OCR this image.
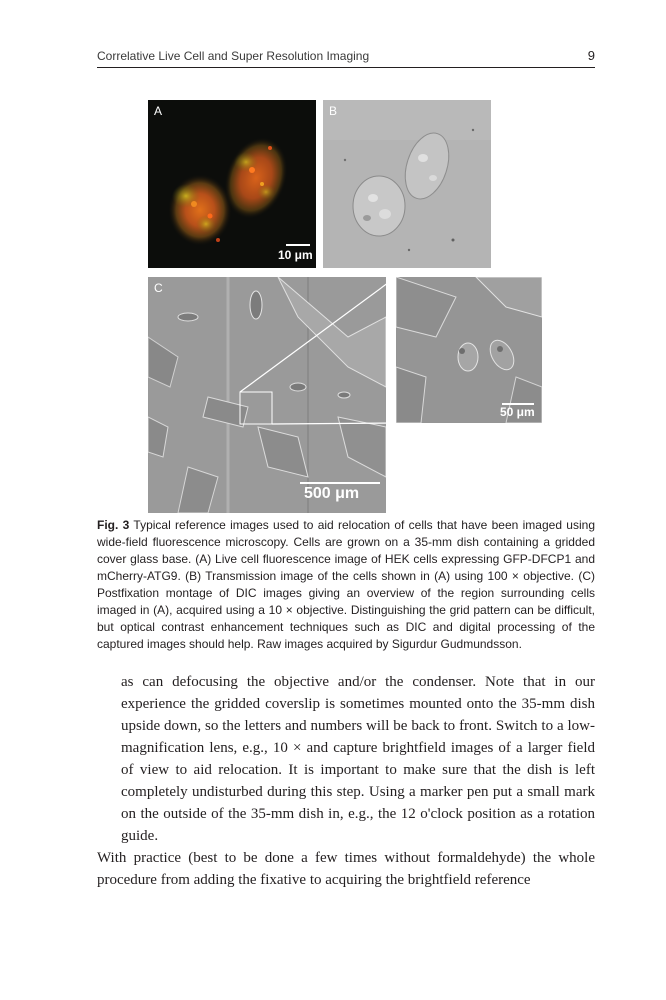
Correlative Live Cell and Super Resolution Imaging	9
A
10 μm
B
C
500 μm
50 μm
Fig. 3 Typical reference images used to aid relocation of cells that have been imaged using wide-field fluorescence microscopy. Cells are grown on a 35-mm dish containing a gridded cover glass base. (A) Live cell fluorescence image of HEK cells expressing GFP-DFCP1 and mCherry-ATG9. (B) Transmission image of the cells shown in (A) using 100 × objective. (C) Postfixation montage of DIC images giving an overview of the region surrounding cells imaged in (A), acquired using a 10 × objective. Distinguishing the grid pattern can be difficult, but optical contrast enhancement techniques such as DIC and digital processing of the captured images should help. Raw images acquired by Sigurdur Gudmundsson.

as can defocusing the objective and/or the condenser. Note that in our experience the gridded coverslip is sometimes mounted onto the 35-mm dish upside down, so the letters and numbers will be back to front. Switch to a low-magnification lens, e.g., 10 × and capture brightfield images of a larger field of view to aid relocation. It is important to make sure that the dish is left completely undisturbed during this step. Using a marker pen put a small mark on the outside of the 35-mm dish in, e.g., the 12 o'clock position as a rotation guide.

With practice (best to be done a few times without formaldehyde) the whole procedure from adding the fixative to acquiring the brightfield reference
